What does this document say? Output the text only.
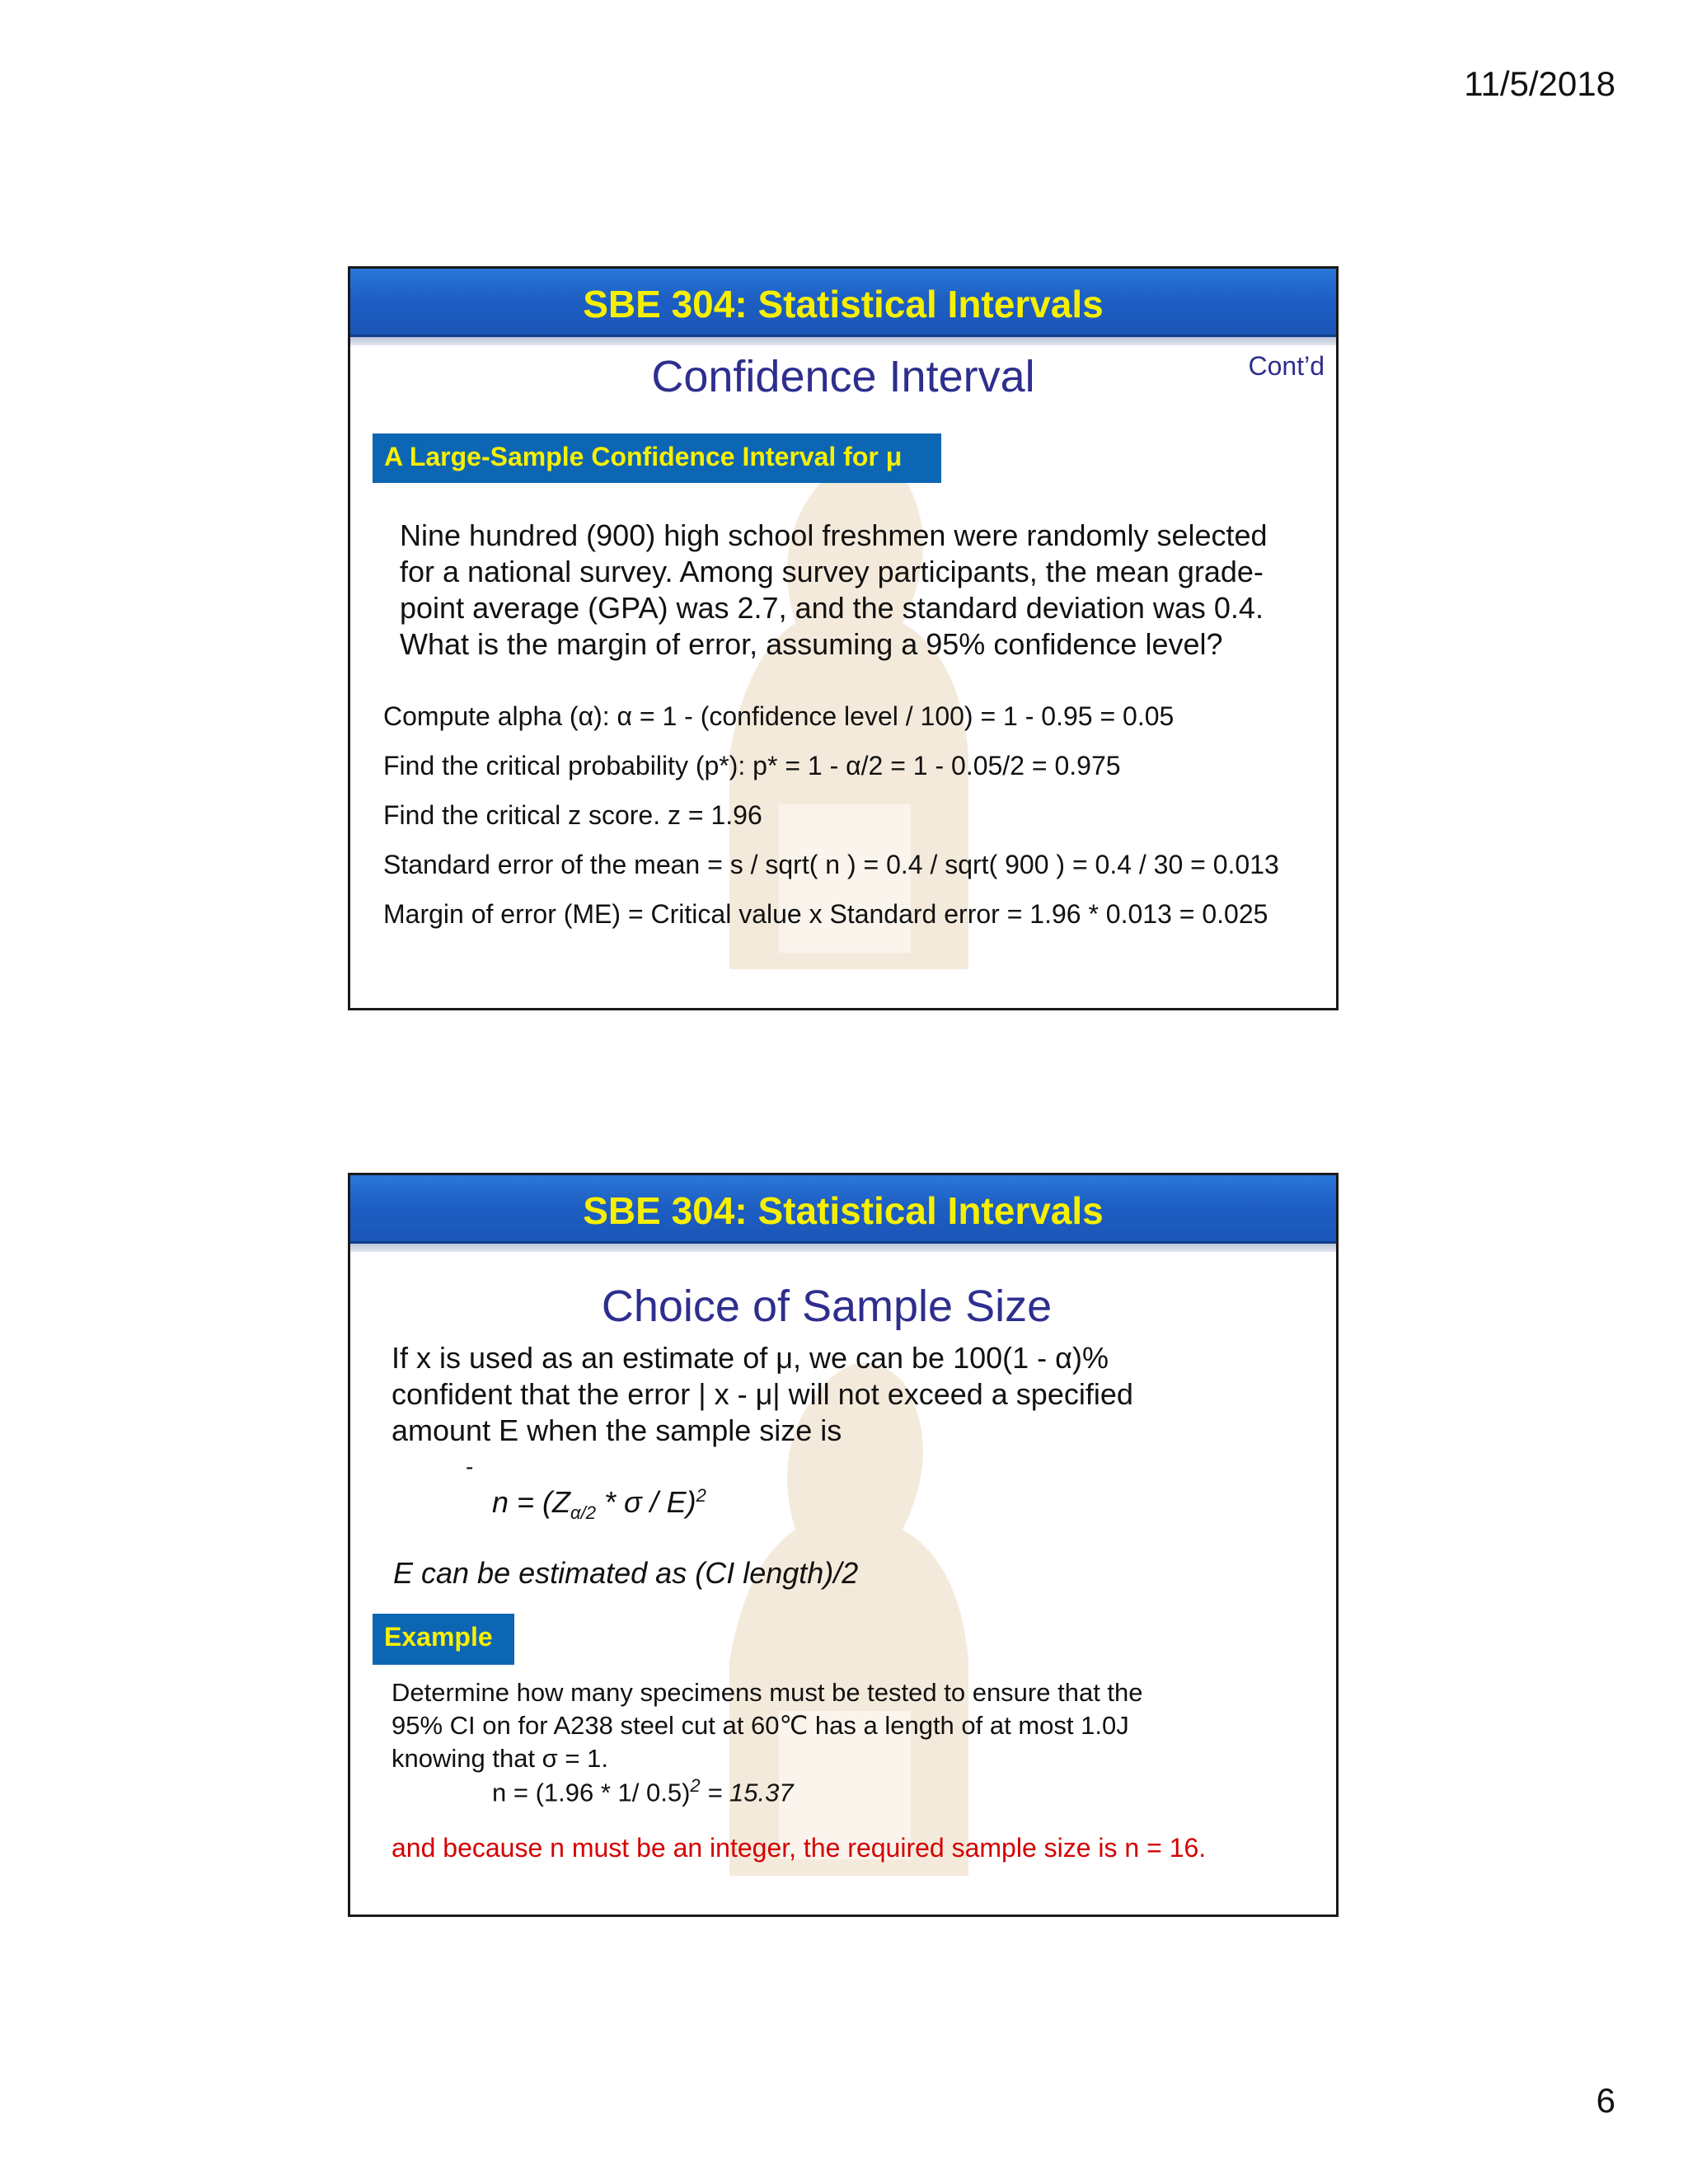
11/5/2018
SBE 304: Statistical Intervals
Confidence Interval	Cont’d
A Large-Sample Confidence Interval for μ
Nine hundred (900) high school freshmen were randomly selected for a national survey. Among survey participants, the mean grade-point average (GPA) was 2.7, and the standard deviation was 0.4. What is the margin of error, assuming a 95% confidence level?
Compute alpha (α): α = 1 - (confidence level / 100) = 1 - 0.95 = 0.05
Find the critical probability (p*): p* = 1 - α/2 = 1 - 0.05/2 = 0.975
Find the critical z score. z = 1.96
Standard error of the mean = s / sqrt( n ) = 0.4 / sqrt( 900 ) = 0.4 / 30 = 0.013
Margin of error (ME) = Critical value x Standard error = 1.96 * 0.013 = 0.025
SBE 304: Statistical Intervals
Choice of Sample Size
If x is used as an estimate of μ, we can be 100(1 - α)%
confident that the error | x - μ| will not exceed a specified
amount E when the sample size is
-
$n = (Z_{\alpha/2} * \sigma / E)^2$
E can be estimated as (CI length)/2
Example
Determine how many specimens must be tested to ensure that the
95% CI on for A238 steel cut at 60℃ has a length of at most 1.0J
knowing that σ = 1.
n = (1.96 * 1/ 0.5)$^2$ = 15.37
and because n must be an integer, the required sample size is n = 16.
6
